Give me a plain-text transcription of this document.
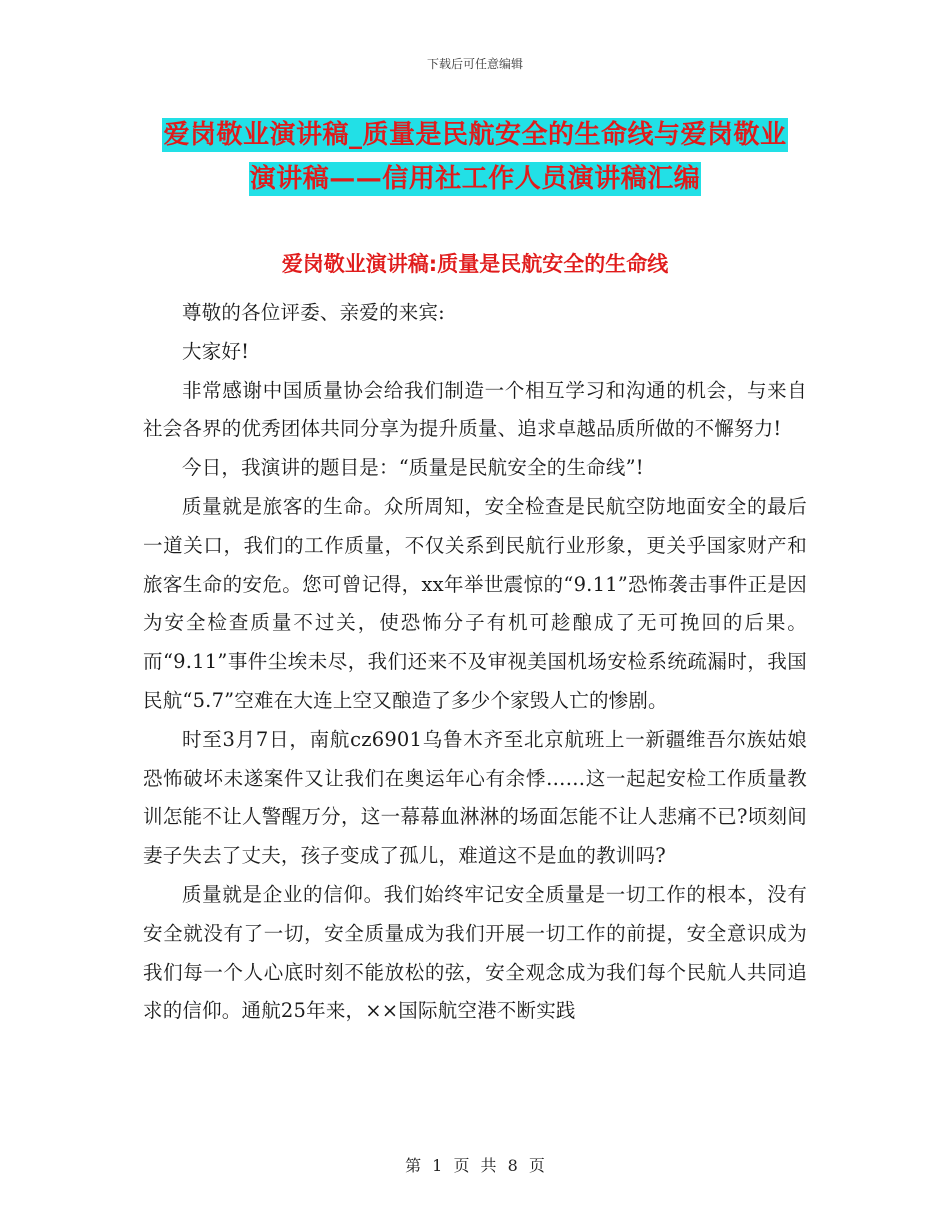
下载后可任意编辑
爱岗敬业演讲稿_质量是民航安全的生命线与爱岗敬业
演讲稿——信用社工作人员演讲稿汇编
爱岗敬业演讲稿:质量是民航安全的生命线

尊敬的各位评委、亲爱的来宾:

大家好!

非常感谢中国质量协会给我们制造一个相互学习和沟通的机会，与来自社会各界的优秀团体共同分享为提升质量、追求卓越品质所做的不懈努力!

今日，我演讲的题目是：“质量是民航安全的生命线”!

质量就是旅客的生命。众所周知，安全检查是民航空防地面安全的最后一道关口，我们的工作质量，不仅关系到民航行业形象，更关乎国家财产和旅客生命的安危。您可曾记得，xx年举世震惊的“9.11”恐怖袭击事件正是因为安全检查质量不过关，使恐怖分子有机可趁酿成了无可挽回的后果。而“9.11”事件尘埃未尽，我们还来不及审视美国机场安检系统疏漏时，我国民航“5.7”空难在大连上空又酿造了多少个家毁人亡的惨剧。

时至3月7日，南航cz6901乌鲁木齐至北京航班上一新疆维吾尔族姑娘恐怖破坏未遂案件又让我们在奥运年心有余悸……这一起起安检工作质量教训怎能不让人警醒万分，这一幕幕血淋淋的场面怎能不让人悲痛不已?顷刻间妻子失去了丈夫，孩子变成了孤儿，难道这不是血的教训吗?

质量就是企业的信仰。我们始终牢记安全质量是一切工作的根本，没有安全就没有了一切，安全质量成为我们开展一切工作的前提，安全意识成为我们每一个人心底时刻不能放松的弦，安全观念成为我们每个民航人共同追求的信仰。通航25年来，××国际航空港不断实践

第 1 页 共 8 页
